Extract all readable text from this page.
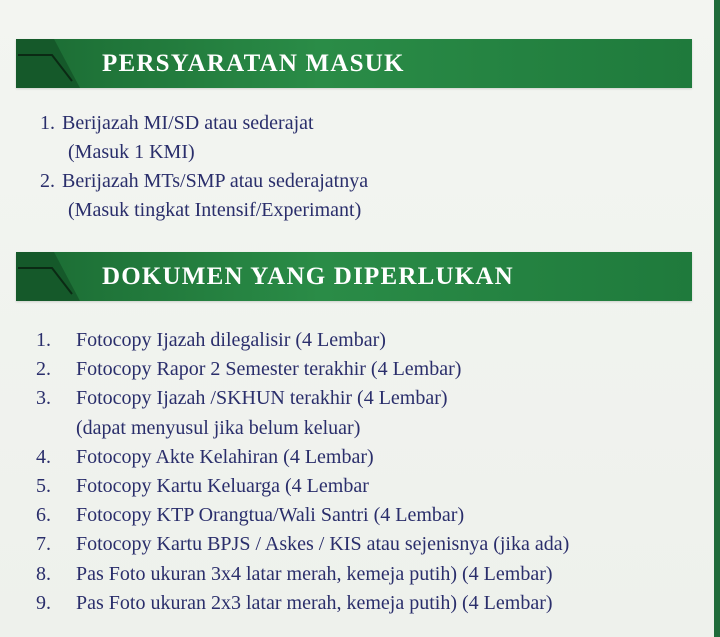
PERSYARATAN MASUK
1. Berijazah MI/SD atau sederajat
(Masuk 1 KMI)
2. Berijazah MTs/SMP atau sederajatnya
(Masuk tingkat Intensif/Experimant)
DOKUMEN YANG DIPERLUKAN
1. Fotocopy Ijazah dilegalisir (4 Lembar)
2. Fotocopy Rapor 2 Semester terakhir (4 Lembar)
3. Fotocopy Ijazah /SKHUN terakhir (4 Lembar)
(dapat menyusul jika belum keluar)
4. Fotocopy Akte Kelahiran (4 Lembar)
5. Fotocopy Kartu Keluarga (4 Lembar
6. Fotocopy KTP Orangtua/Wali Santri (4 Lembar)
7. Fotocopy Kartu BPJS / Askes / KIS atau sejenisnya (jika ada)
8. Pas Foto ukuran 3x4 latar merah, kemeja putih) (4 Lembar)
9. Pas Foto ukuran 2x3 latar merah, kemeja putih) (4 Lembar)
